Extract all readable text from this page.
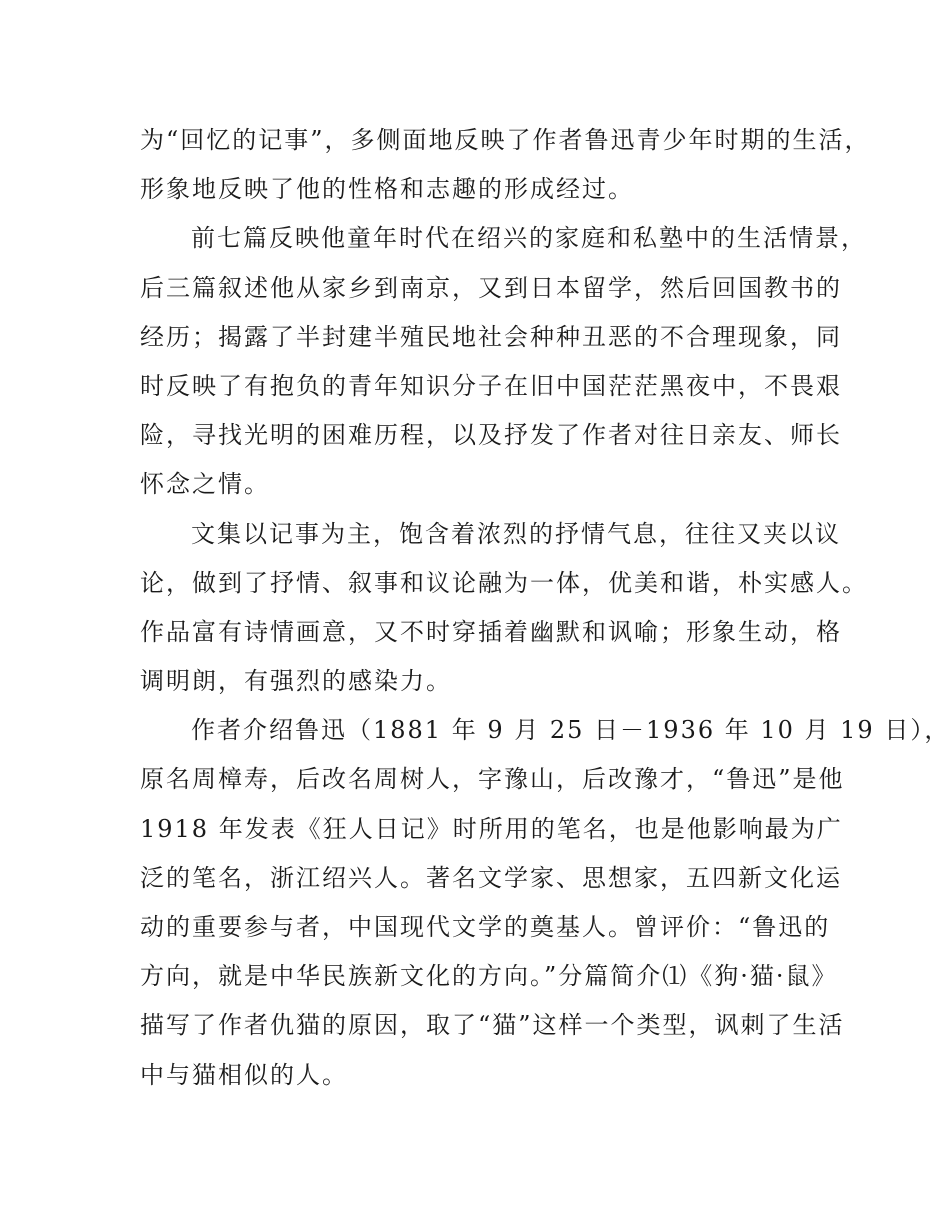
为“回忆的记事”，多侧面地反映了作者鲁迅青少年时期的生活，
形象地反映了他的性格和志趣的形成经过。
前七篇反映他童年时代在绍兴的家庭和私塾中的生活情景，
后三篇叙述他从家乡到南京，又到日本留学，然后回国教书的
经历；揭露了半封建半殖民地社会种种丑恶的不合理现象，同
时反映了有抱负的青年知识分子在旧中国茫茫黑夜中，不畏艰
险，寻找光明的困难历程，以及抒发了作者对往日亲友、师长
怀念之情。
文集以记事为主，饱含着浓烈的抒情气息，往往又夹以议
论，做到了抒情、叙事和议论融为一体，优美和谐，朴实感人。
作品富有诗情画意，又不时穿插着幽默和讽喻；形象生动，格
调明朗，有强烈的感染力。
作者介绍鲁迅（1881 年 9 月 25 日－1936 年 10 月 19 日），
原名周樟寿，后改名周树人，字豫山，后改豫才，“鲁迅”是他
1918 年发表《狂人日记》时所用的笔名，也是他影响最为广
泛的笔名，浙江绍兴人。著名文学家、思想家，五四新文化运
动的重要参与者，中国现代文学的奠基人。曾评价：“鲁迅的
方向，就是中华民族新文化的方向。”分篇简介⑴《狗·猫·鼠》
描写了作者仇猫的原因，取了“猫”这样一个类型，讽刺了生活
中与猫相似的人。
